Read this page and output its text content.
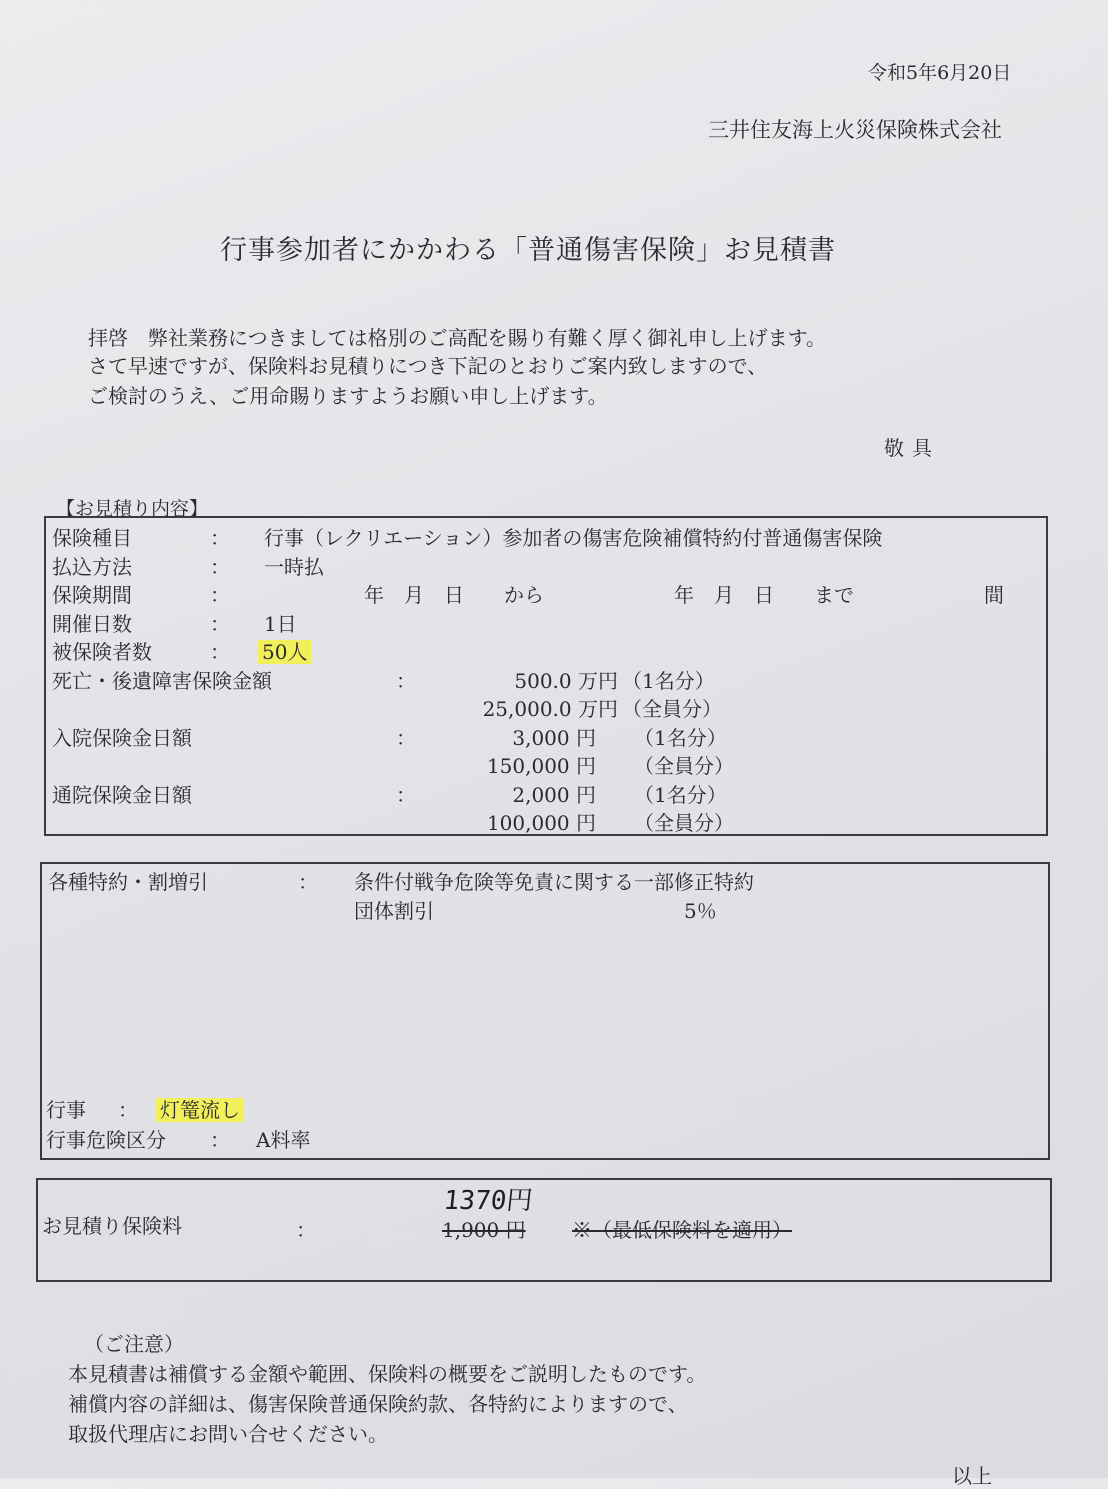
令和5年6月20日
三井住友海上火災保険株式会社
行事参加者にかかわる「普通傷害保険」お見積書
拝啓　弊社業務につきましては格別のご高配を賜り有難く厚く御礼申し上げます。
さて早速ですが、保険料お見積りにつき下記のとおりご案内致しますので、
ご検討のうえ、ご用命賜りますようお願い申し上げます。
敬具
【お見積り内容】
保険種目	： 行事（レクリエーション）参加者の傷害危険補償特約付普通傷害保険
払込方法	： 一時払
保険期間	：	年　月　日　　から	年　月　日　　まで	間
開催日数	： 1日
被保険者数	： 50人
死亡・後遺障害保険金額	：	500.0 万円 （1名分）
25,000.0 万円 （全員分）
入院保険金日額	：	3,000 円 （1名分）
150,000 円 （全員分）
通院保険金日額	：	2,000 円 （1名分）
100,000 円 （全員分）
各種特約・割増引	： 条件付戦争危険等免責に関する一部修正特約
団体割引	5％
行事 ： 灯篭流し
行事危険区分 ： A料率
お見積り保険料	：
1370円
1,900 円 ※（最低保険料を適用）
（ご注意）
本見積書は補償する金額や範囲、保険料の概要をご説明したものです。
補償内容の詳細は、傷害保険普通保険約款、各特約によりますので、
取扱代理店にお問い合せください。
以上
